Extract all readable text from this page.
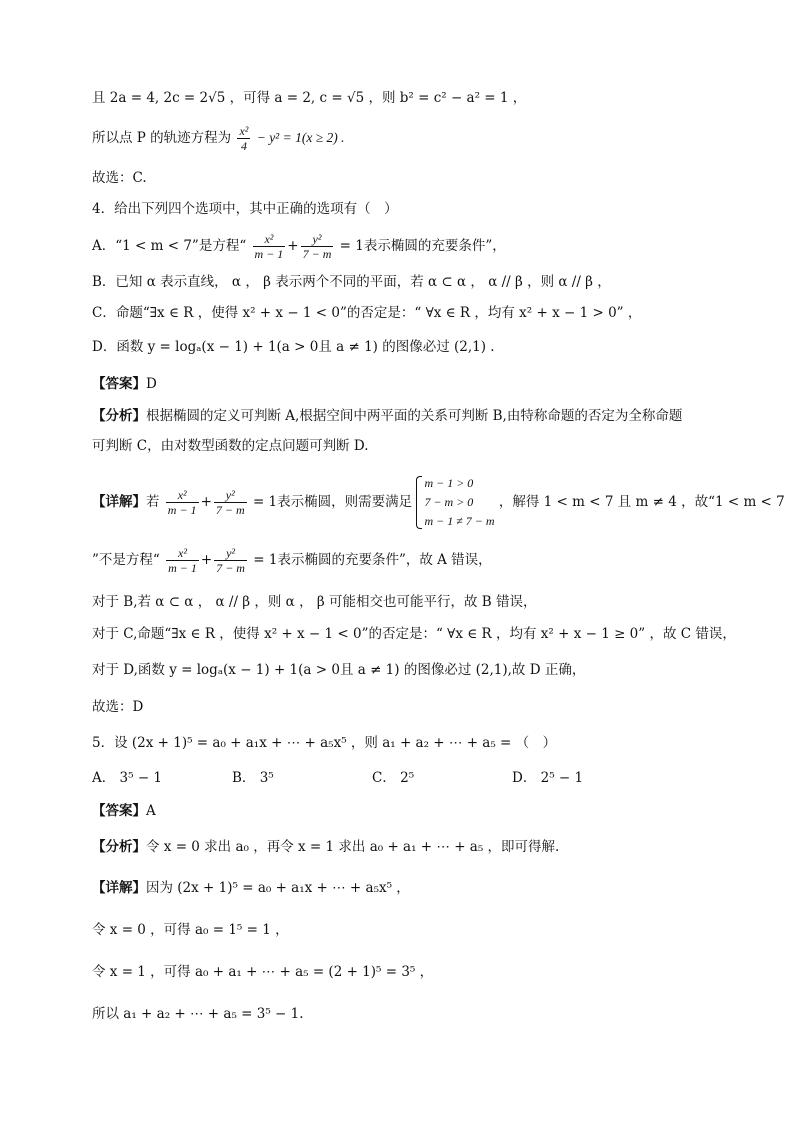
且 2a = 4, 2c = 2√5 ，可得 a = 2, c = √5 ，则 b² = c² − a² = 1 ，
所以点 P 的轨迹方程为 $\frac{\text{x²}}{4} - y^2 = 1(x \ge 2)$ .
故选：C.
4．给出下列四个选项中，其中正确的选项有（　）
A．“1 < m < 7”是方程“ $\frac{\text{x²}}{m - 1} + \frac{\text{y²}}{7 - m} = 1$表示椭圆的充要条件”，
B．已知 α 表示直线， α ， β 表示两个不同的平面，若 α ⊂ α ， α // β ，则 α // β ，
C．命题“∃x ∈ R ，使得 x² + x − 1 < 0”的否定是：“ ∀x ∈ R ，均有 x² + x − 1 > 0” ，
D．函数 y = logₐ(x − 1) + 1(a > 0且 a ≠ 1) 的图像必过 (2,1) .
【答案】D
【分析】根据椭圆的定义可判断 A,根据空间中两平面的关系可判断 B,由特称命题的否定为全称命题
可判断 C，由对数型函数的定点问题可判断 D.
【详解】若 $\frac{\text{x²}}{m - 1} + \frac{\text{y²}}{7 - m} = 1$表示椭圆，则需要满足
m − 1 > 0
7 − m > 0
m − 1 ≠ 7 − m
，解得 1 < m < 7 且 m ≠ 4 ，故“1 < m < 7
”不是方程“ $\frac{\text{x²}}{m - 1} + \frac{\text{y²}}{7 - m} = 1$表示椭圆的充要条件”，故 A 错误，
对于 B,若 α ⊂ α ， α // β ，则 α ， β 可能相交也可能平行，故 B 错误，
对于 C,命题“∃x ∈ R ，使得 x² + x − 1 < 0”的否定是：“ ∀x ∈ R ，均有 x² + x − 1 ≥ 0” ，故 C 错误，
对于 D,函数 y = logₐ(x − 1) + 1(a > 0且 a ≠ 1) 的图像必过 (2,1),故 D 正确，
故选：D
5．设 (2x + 1)⁵ = a₀ + a₁x + ⋯ + a₅x⁵ ，则 a₁ + a₂ + ⋯ + a₅ = （　）
A． 3⁵ − 1	B． 3⁵	C． 2⁵	D． 2⁵ − 1
【答案】A
【分析】令 x = 0 求出 a₀ ，再令 x = 1 求出 a₀ + a₁ + ⋯ + a₅ ，即可得解.
【详解】因为 (2x + 1)⁵ = a₀ + a₁x + ⋯ + a₅x⁵ ，
令 x = 0 ，可得 a₀ = 1⁵ = 1 ，
令 x = 1 ，可得 a₀ + a₁ + ⋯ + a₅ = (2 + 1)⁵ = 3⁵ ，
所以 a₁ + a₂ + ⋯ + a₅ = 3⁵ − 1.
